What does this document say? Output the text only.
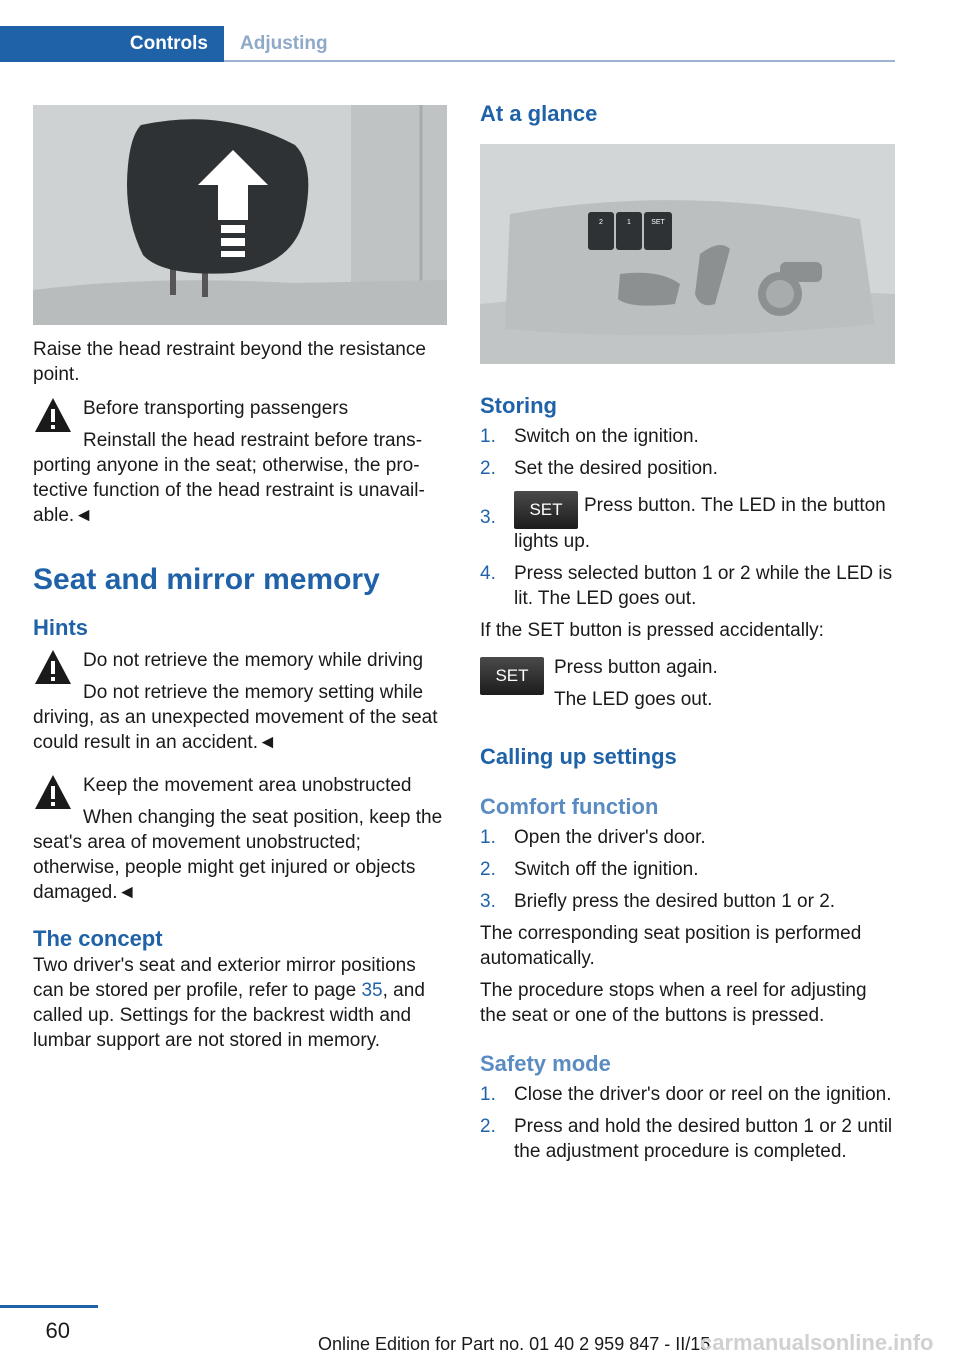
Controls	Adjusting
Raise the head restraint beyond the resistance point.
Before transporting passengers
Reinstall the head restraint before transporting anyone in the seat; otherwise, the protective function of the head restraint is unavailable.◄
Seat and mirror memory
Hints
Do not retrieve the memory while driving
Do not retrieve the memory setting while driving, as an unexpected movement of the seat could result in an accident.◄
Keep the movement area unobstructed
When changing the seat position, keep the seat's area of movement unobstructed; otherwise, people might get injured or objects damaged.◄
The concept
Two driver's seat and exterior mirror positions can be stored per profile, refer to page 35, and called up. Settings for the backrest width and lumbar support are not stored in memory.
At a glance
2	1	SET
Storing
1. Switch on the ignition.
2. Set the desired position.
3. SET Press button. The LED in the button lights up.
4. Press selected button 1 or 2 while the LED is lit. The LED goes out.
If the SET button is pressed accidentally:
SET	Press button again.
The LED goes out.
Calling up settings
Comfort function
1. Open the driver's door.
2. Switch off the ignition.
3. Briefly press the desired button 1 or 2.
The corresponding seat position is performed automatically.
The procedure stops when a reel for adjusting the seat or one of the buttons is pressed.
Safety mode
1. Close the driver's door or reel on the ignition.
2. Press and hold the desired button 1 or 2 until the adjustment procedure is completed.
60
Online Edition for Part no. 01 40 2 959 847 - II/15
carmanualsonline.info
